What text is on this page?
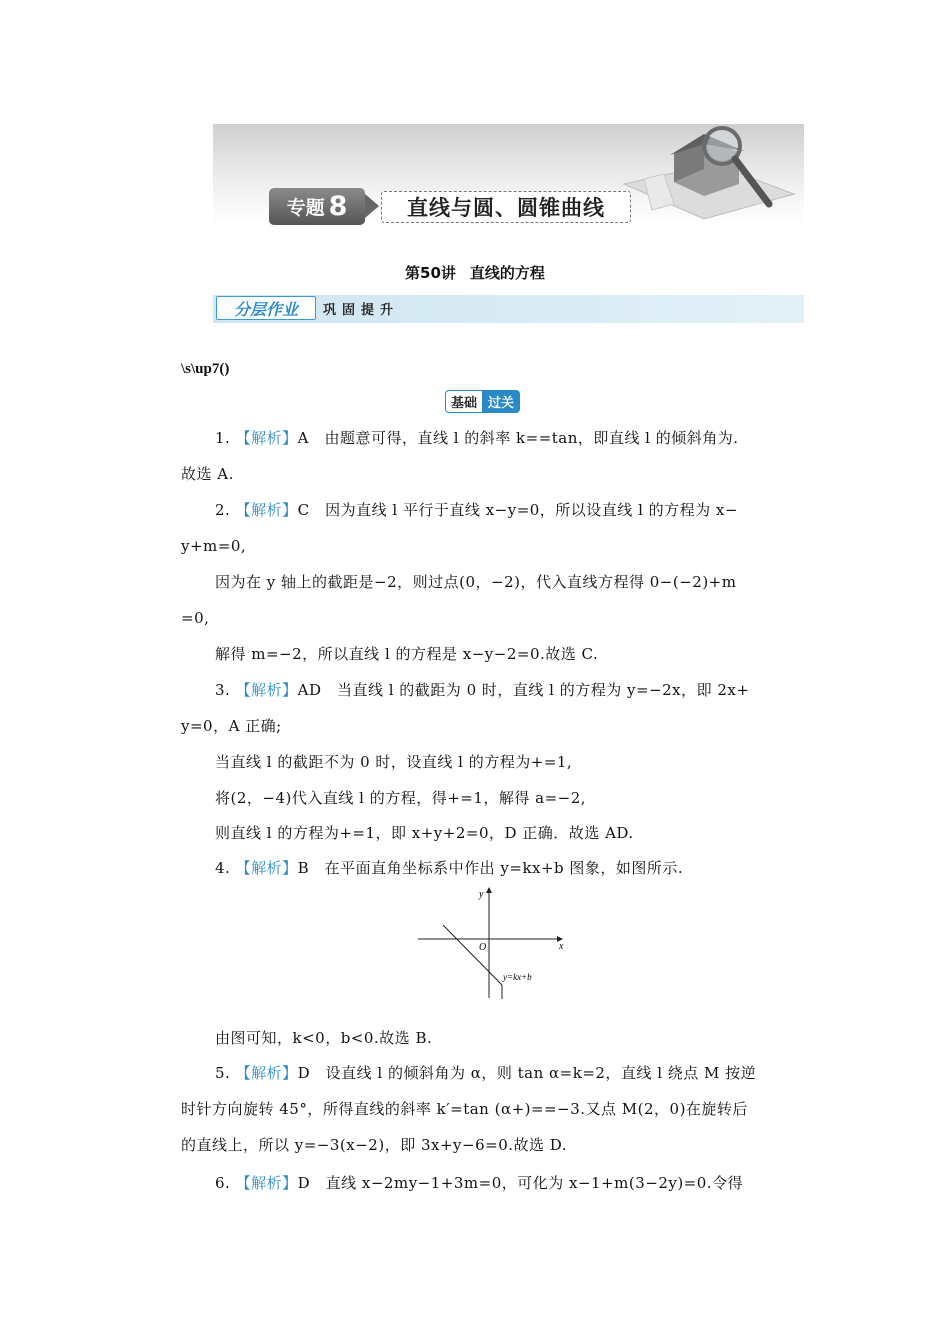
专题 8	直线与圆、圆锥曲线
第50讲 直线的方程
分层作业	巩固提升
\s\up7()
基础 过关
1. 【解析】A　由题意可得，直线 l 的斜率 k==tan，即直线 l 的倾斜角为.
故选 A.
2. 【解析】C　因为直线 l 平行于直线 x−y=0，所以设直线 l 的方程为 x−
y+m=0,
因为在 y 轴上的截距是−2，则过点(0，−2)，代入直线方程得 0−(−2)+m
=0,
解得 m=−2，所以直线 l 的方程是 x−y−2=0.故选 C.
3. 【解析】AD　当直线 l 的截距为 0 时，直线 l 的方程为 y=−2x，即 2x+
y=0，A 正确;
当直线 l 的截距不为 0 时，设直线 l 的方程为+=1,
将(2，−4)代入直线 l 的方程，得+=1，解得 a=−2,
则直线 l 的方程为+=1，即 x+y+2=0，D 正确．故选 AD.
4. 【解析】B　在平面直角坐标系中作出 y=kx+b 图象，如图所示.
y
x
O
y=kx+b
由图可知，k<0，b<0.故选 B.
5. 【解析】D　设直线 l 的倾斜角为 α，则 tan α=k=2，直线 l 绕点 M 按逆
时针方向旋转 45°，所得直线的斜率 k′=tan (α+)==−3.又点 M(2，0)在旋转后
的直线上，所以 y=−3(x−2)，即 3x+y−6=0.故选 D.
6. 【解析】D　直线 x−2my−1+3m=0，可化为 x−1+m(3−2y)=0.令得
